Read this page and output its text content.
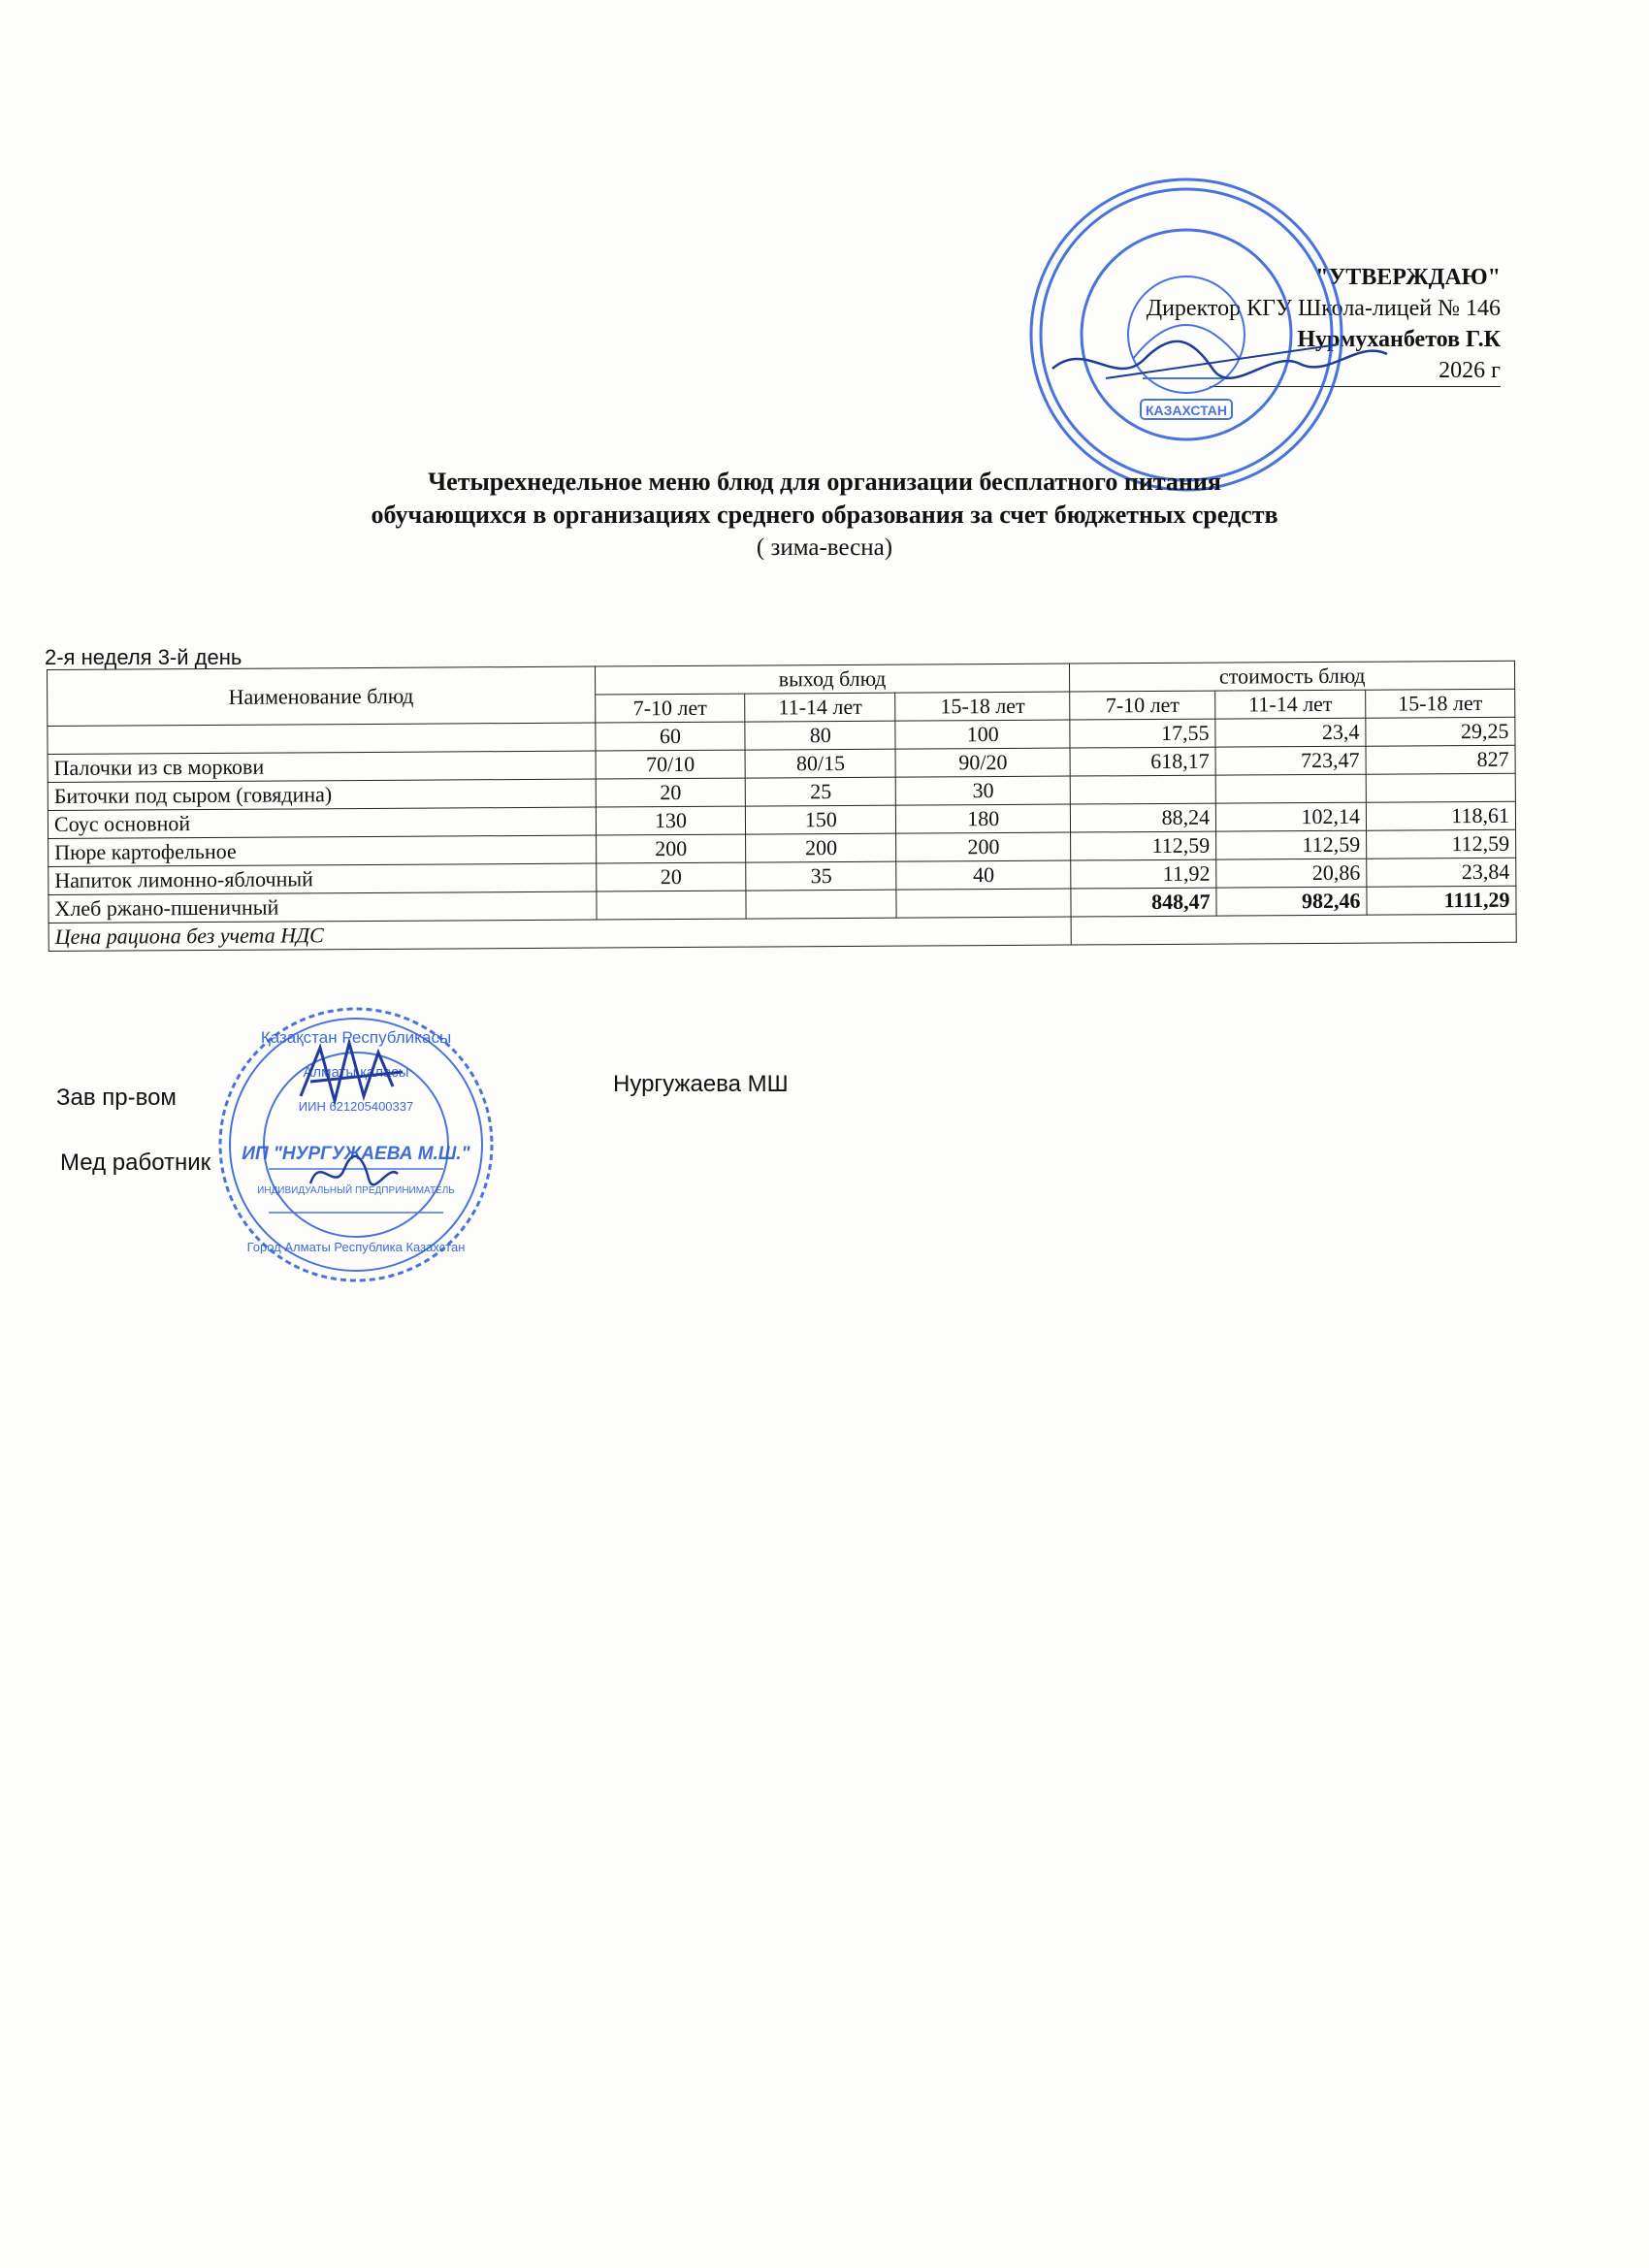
"УТВЕРЖДАЮ"
Директор КГУ Школа-лицей № 146
Нурмуханбетов Г.К
2026 г
КАЗАХСТАН
Четырехнедельное меню блюд для организации бесплатного питания
обучающихся в организациях среднего образования за счет бюджетных средств
( зима-весна)
2-я неделя 3-й день
Наименование блюд	выход блюд			стоимость блюд		
	7-10 лет	11-14 лет	15-18 лет	7-10 лет	11-14 лет	15-18 лет
	60	80	100	17,55	23,4	29,25
Палочки из св моркови	70/10	80/15	90/20	618,17	723,47	827
Биточки под сыром (говядина)	20	25	30			
Соус основной	130	150	180	88,24	102,14	118,61
Пюре картофельное	200	200	200	112,59	112,59	112,59
Напиток лимонно-яблочный	20	35	40	11,92	20,86	23,84
Хлеб ржано-пшеничный				848,47	982,46	1111,29
Цена рациона без учета НДС						
Зав пр-вом
Нургужаева МШ
Мед работник
Қазақстан Республикасы
Алматы қаласы
ИИН 621205400337
ИП "НУРГУЖАЕВА М.Ш."
ИНДИВИДУАЛЬНЫЙ ПРЕДПРИНИМАТЕЛЬ
Город Алматы Республика Казахстан
